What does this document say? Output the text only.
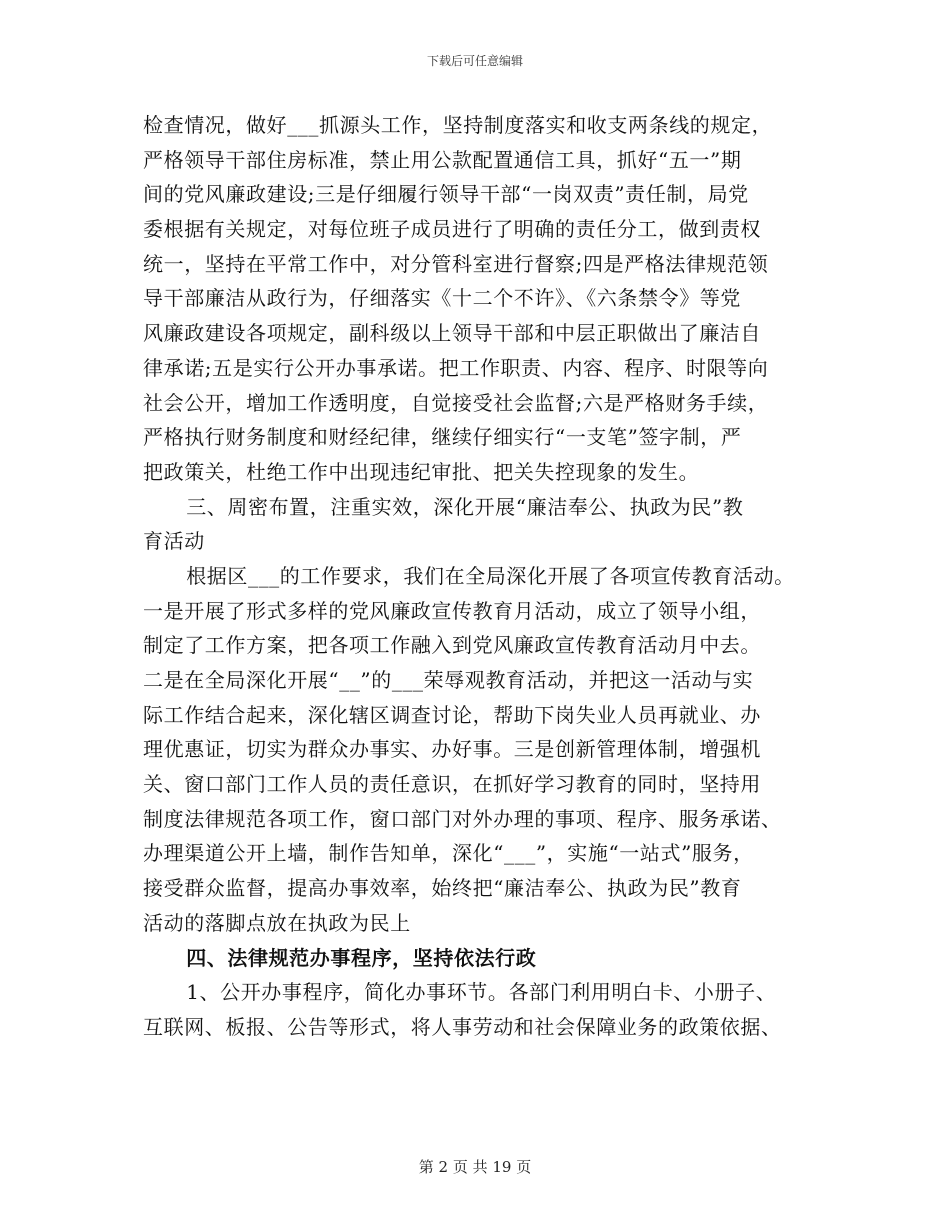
下载后可任意编辑
检查情况，做好___抓源头工作，坚持制度落实和收支两条线的规定，
严格领导干部住房标准，禁止用公款配置通信工具，抓好“五一”期
间的党风廉政建设;三是仔细履行领导干部“一岗双责”责任制，局党
委根据有关规定，对每位班子成员进行了明确的责任分工，做到责权
统一，坚持在平常工作中，对分管科室进行督察;四是严格法律规范领
导干部廉洁从政行为，仔细落实《十二个不许》、《六条禁令》等党
风廉政建设各项规定，副科级以上领导干部和中层正职做出了廉洁自
律承诺;五是实行公开办事承诺。把工作职责、内容、程序、时限等向
社会公开，增加工作透明度，自觉接受社会监督;六是严格财务手续，
严格执行财务制度和财经纪律，继续仔细实行“一支笔”签字制，严
把政策关，杜绝工作中出现违纪审批、把关失控现象的发生。
三、周密布置，注重实效，深化开展“廉洁奉公、执政为民”教
育活动
根据区___的工作要求，我们在全局深化开展了各项宣传教育活动。
一是开展了形式多样的党风廉政宣传教育月活动，成立了领导小组，
制定了工作方案，把各项工作融入到党风廉政宣传教育活动月中去。
二是在全局深化开展“__”的___荣辱观教育活动，并把这一活动与实
际工作结合起来，深化辖区调查讨论，帮助下岗失业人员再就业、办
理优惠证，切实为群众办事实、办好事。三是创新管理体制，增强机
关、窗口部门工作人员的责任意识，在抓好学习教育的同时，坚持用
制度法律规范各项工作，窗口部门对外办理的事项、程序、服务承诺、
办理渠道公开上墙，制作告知单，深化“___”，实施“一站式”服务，
接受群众监督，提高办事效率，始终把“廉洁奉公、执政为民”教育
活动的落脚点放在执政为民上
四、法律规范办事程序，坚持依法行政
1、公开办事程序，简化办事环节。各部门利用明白卡、小册子、
互联网、板报、公告等形式，将人事劳动和社会保障业务的政策依据、
第 2 页 共 19 页
